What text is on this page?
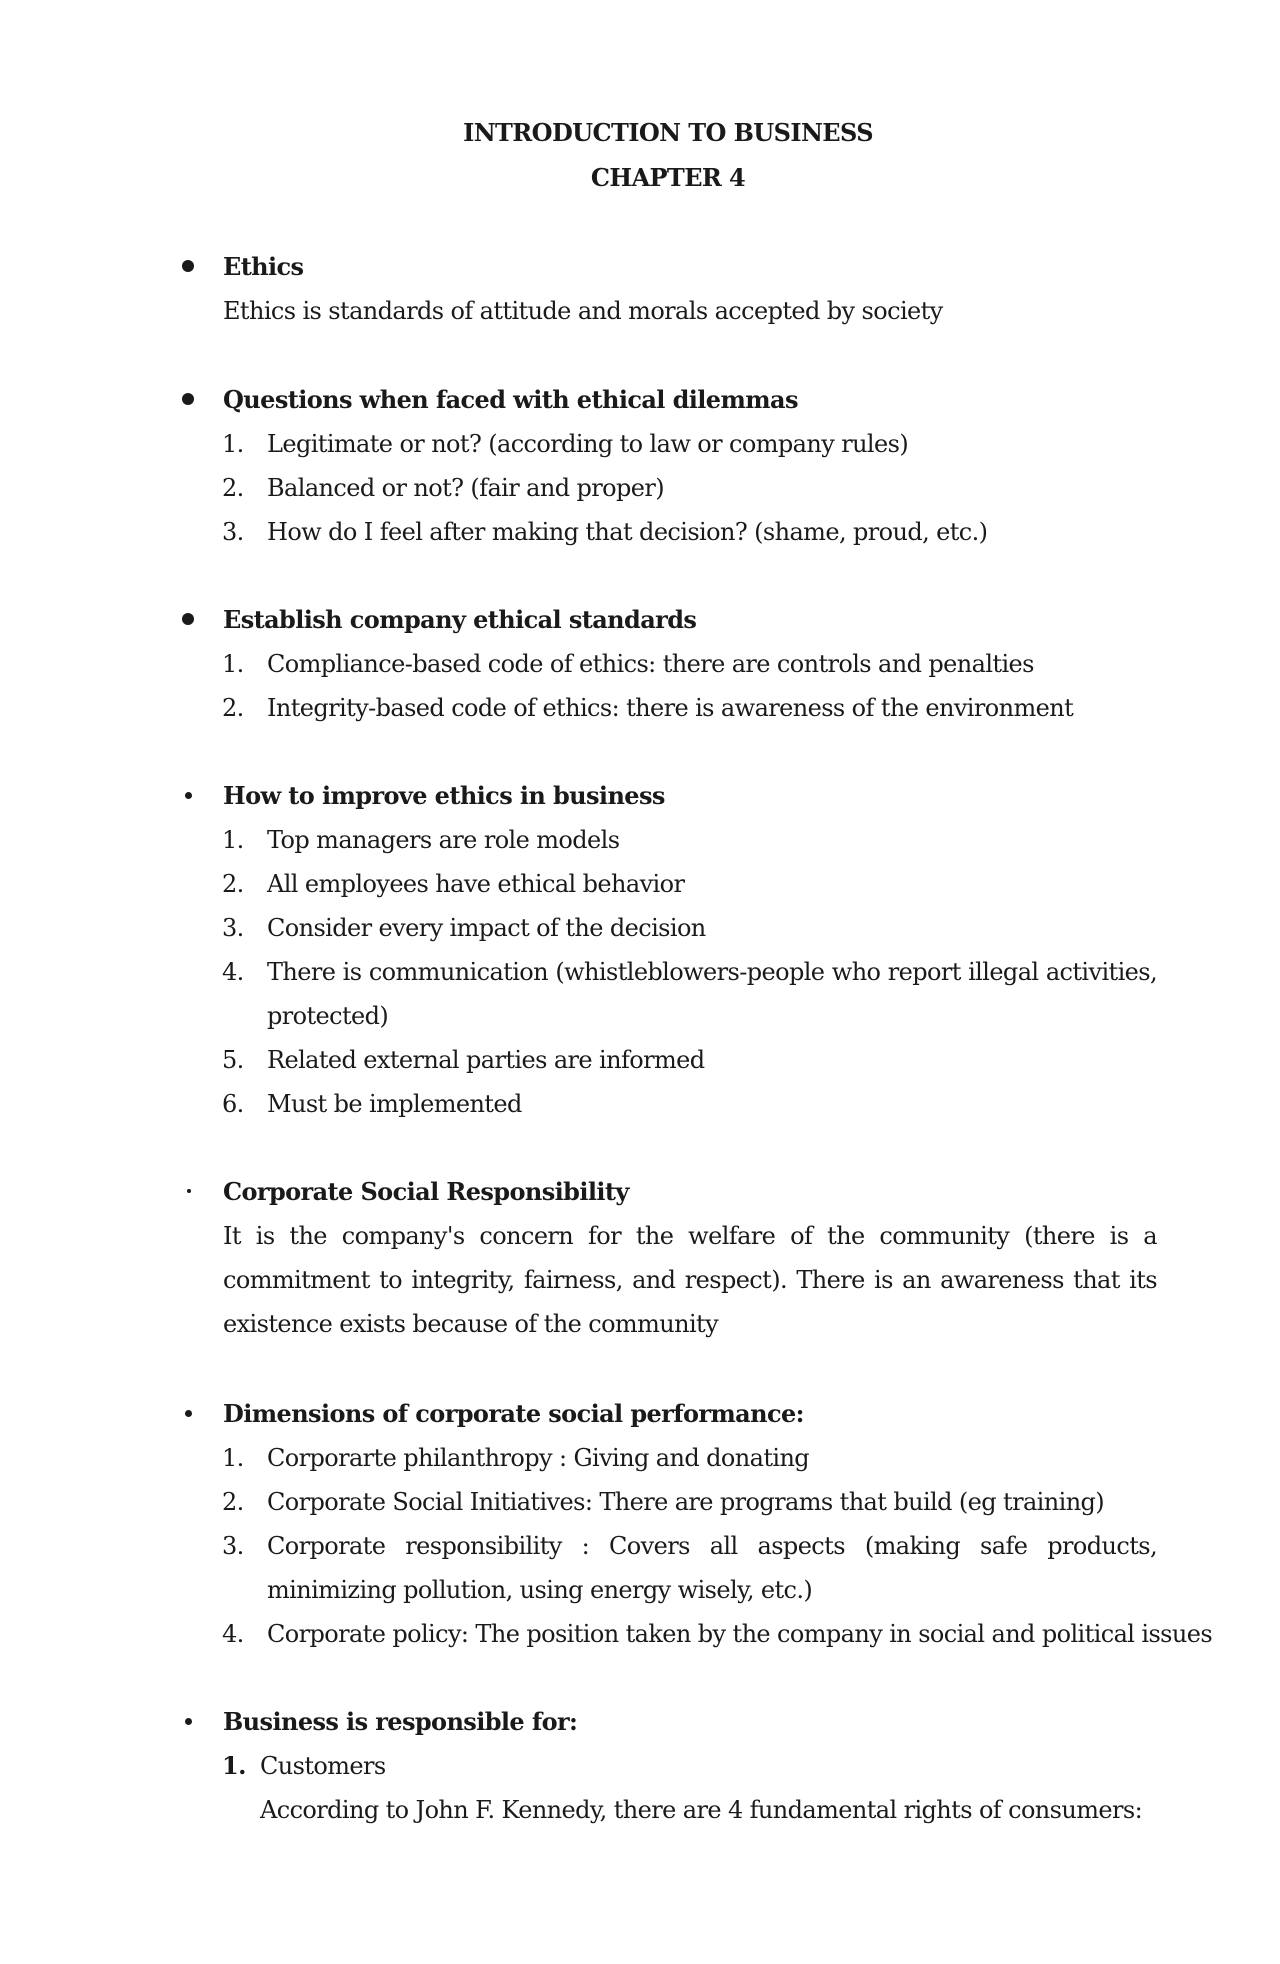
INTRODUCTION TO BUSINESS
CHAPTER 4
Ethics
Ethics is standards of attitude and morals accepted by society
Questions when faced with ethical dilemmas
1. Legitimate or not? (according to law or company rules)
2. Balanced or not? (fair and proper)
3. How do I feel after making that decision? (shame, proud, etc.)
Establish company ethical standards
1. Compliance-based code of ethics: there are controls and penalties
2. Integrity-based code of ethics: there is awareness of the environment
How to improve ethics in business
1. Top managers are role models
2. All employees have ethical behavior
3. Consider every impact of the decision
4. There is communication (whistleblowers-people who report illegal activities, protected)
5. Related external parties are informed
6. Must be implemented
Corporate Social Responsibility
It is the company's concern for the welfare of the community (there is a commitment to integrity, fairness, and respect). There is an awareness that its existence exists because of the community
Dimensions of corporate social performance:
1. Corporarte philanthropy : Giving and donating
2. Corporate Social Initiatives: There are programs that build (eg training)
3. Corporate responsibility : Covers all aspects (making safe products, minimizing pollution, using energy wisely, etc.)
4. Corporate policy: The position taken by the company in social and political issues
Business is responsible for:
1. Customers
According to John F. Kennedy, there are 4 fundamental rights of consumers:
